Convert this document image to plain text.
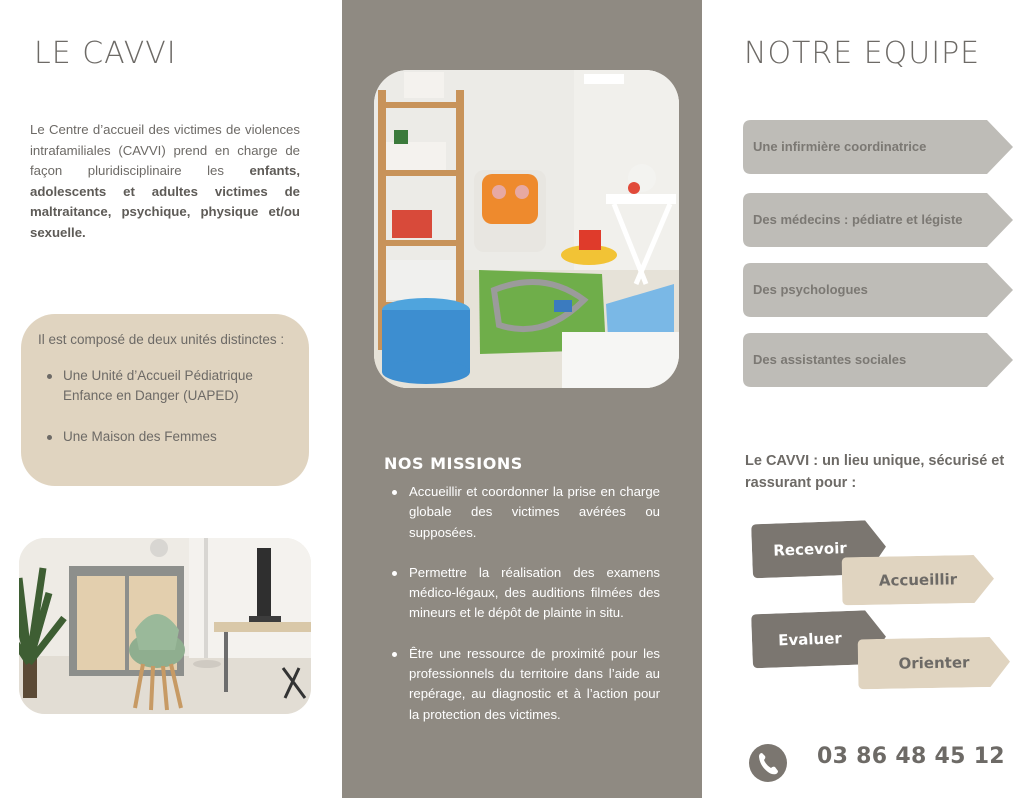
LE CAVVI

Le Centre d’accueil des victimes de violences intrafamiliales (CAVVI) prend en charge de façon pluridisciplinaire les enfants, adolescents et adultes victimes de maltraitance, psychique, physique et/ou sexuelle.

Il est composé de deux unités distinctes :

Une Unité d’Accueil Pédiatrique Enfance en Danger (UAPED)
Une Maison des Femmes
NOS MISSIONS
Accueillir et coordonner la prise en charge globale des victimes avérées ou supposées.
Permettre la réalisation des examens médico-légaux, des auditions filmées des mineurs et le dépôt de plainte in situ.
Être une ressource de proximité pour les professionnels du territoire dans l’aide au repérage, au diagnostic et à l’action pour la protection des victimes.
NOTRE EQUIPE
Une infirmière coordinatrice
Des médecins : pédiatre et légiste
Des psychologues
Des assistantes sociales

Le CAVVI : un lieu unique, sécurisé et rassurant pour :

Recevoir
Accueillir
Evaluer
Orienter
03 86 48 45 12
